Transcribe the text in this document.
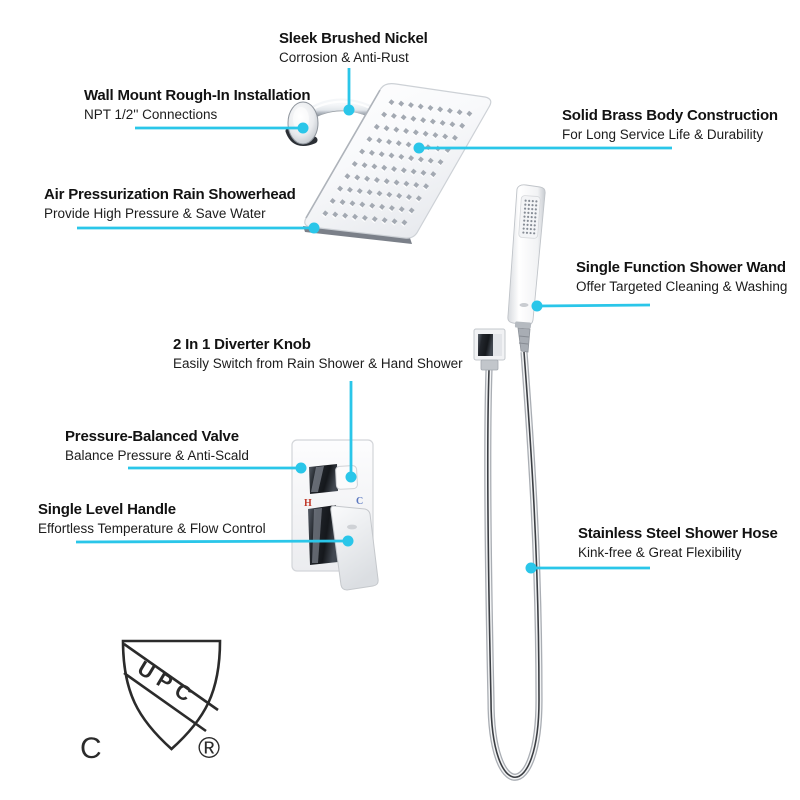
H	C
UPC
C	®
Sleek Brushed Nickel
Corrosion & Anti-Rust
Wall Mount Rough-In Installation
NPT 1/2'' Connections	Solid Brass Body Construction
For Long Service Life & Durability
Air Pressurization Rain Showerhead
Provide High Pressure & Save Water
Single Function Shower Wand
Offer Targeted Cleaning & Washing
2 In 1 Diverter Knob
Easily Switch from Rain Shower & Hand Shower
Pressure-Balanced Valve
Balance Pressure & Anti-Scald
Single Level Handle
Effortless Temperature & Flow Control	Stainless Steel Shower Hose
Kink-free & Great Flexibility
